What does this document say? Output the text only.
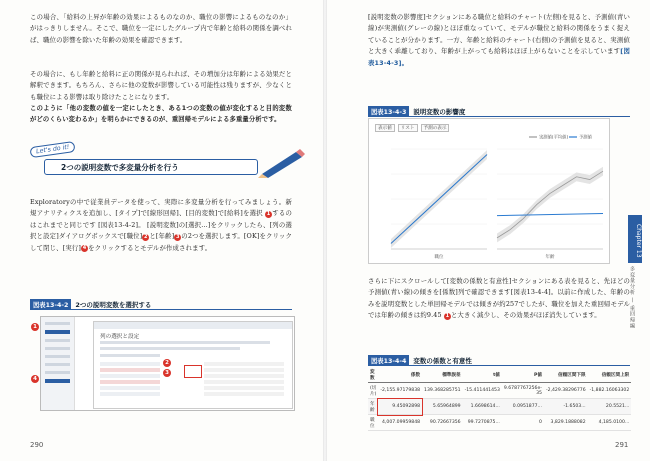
この場合、「給料の上昇が年齢の効果によるものなのか、職位の影響によるものなのか」がはっきりしません。そこで、職位を一定にしたグループ内で年齢と給料の関係を調べれば、職位の影響を除いた年齢の効果を確認できます。

その場合に、もし年齢と給料に正の関係が見られれば、その増加分は年齢による効果だと解釈できます。もちろん、さらに他の変数が影響している可能性は残りますが、少なくとも職位による影響は取り除けたことになります。

このように「他の変数の値を一定にしたとき、ある1つの変数の値が変化すると目的変数がどのくらい変わるか」を明らかにできるのが、重回帰モデルによる多重量分析です。

2つの説明変数で多変量分析を行う
Let's do it!

Exploratoryの中で従業員データを使って、実際に多変量分析を行ってみましょう。新規アナリティクスを追加し、[タイプ]で[線形回帰]、[目的変数]で[給料]を選択 1 するのはこれまでと同じです [図表13-4-2]。 [説明変数]の[選択...]をクリックしたら、[列の選択と設定]ダイアログボックスで[職位] 2 と[年齢] 3 の2つを選択します。[OK]をクリックして閉じ、[実行] 4 をクリックするとモデルが作成されます。

図表13-4-2 2つの説明変数を選択する
列の選択と設定
1
2
3
4
290

[説明変数の影響度]セクションにある職位と給料のチャート(左側)を見ると、予測値(青い線)が実測値(グレーの線)とほぼ重なっていて、モデルが職位と給料の関係をうまく捉えていることが分かります。一方、年齢と給料のチャート(右側)の予測値を見ると、実測値と大きく乖離しており、年齢が上がっても給料はほぼ上がらないことを示しています[図表13-4-3]。

図表13-4-3 説明変数の影響度

さらに下にスクロールして[変数の係数と有意性]セクションにある表を見ると、先ほどの予測値(青い線)の傾きを[係数]列で確認できます[図表13-4-4]。以前に作成した、年齢のみを説明変数とした単回帰モデルでは傾きが約257でしたが、職位を加えた重回帰モデルでは年齢の傾きは約9.45 1 と大きく減少し、その効果がほぼ消失しています。

図表13-4-4 変数の係数と有意性
291
表示値 リスト 予測の表示
実測値(平均値)	予測値
職位	年齢	Chapter 13
多変量分析 — 重回帰編
変数	係数	標準誤差	t値	P値	信頼区間下限	信頼区間上限
(切片)	-2,155.97179838	139.368285751	-15.411441453	9.6787767256e-35	-2,429.38296776	-1,882.16063302
年齢	9.45092898	5.65964899	1.6698614...	0.0951877...	-1.6503...	20.5521...
職位	4,007.09959848	90.72667356	99.7270875...	0	3,829.1888082	4,185.0100...
